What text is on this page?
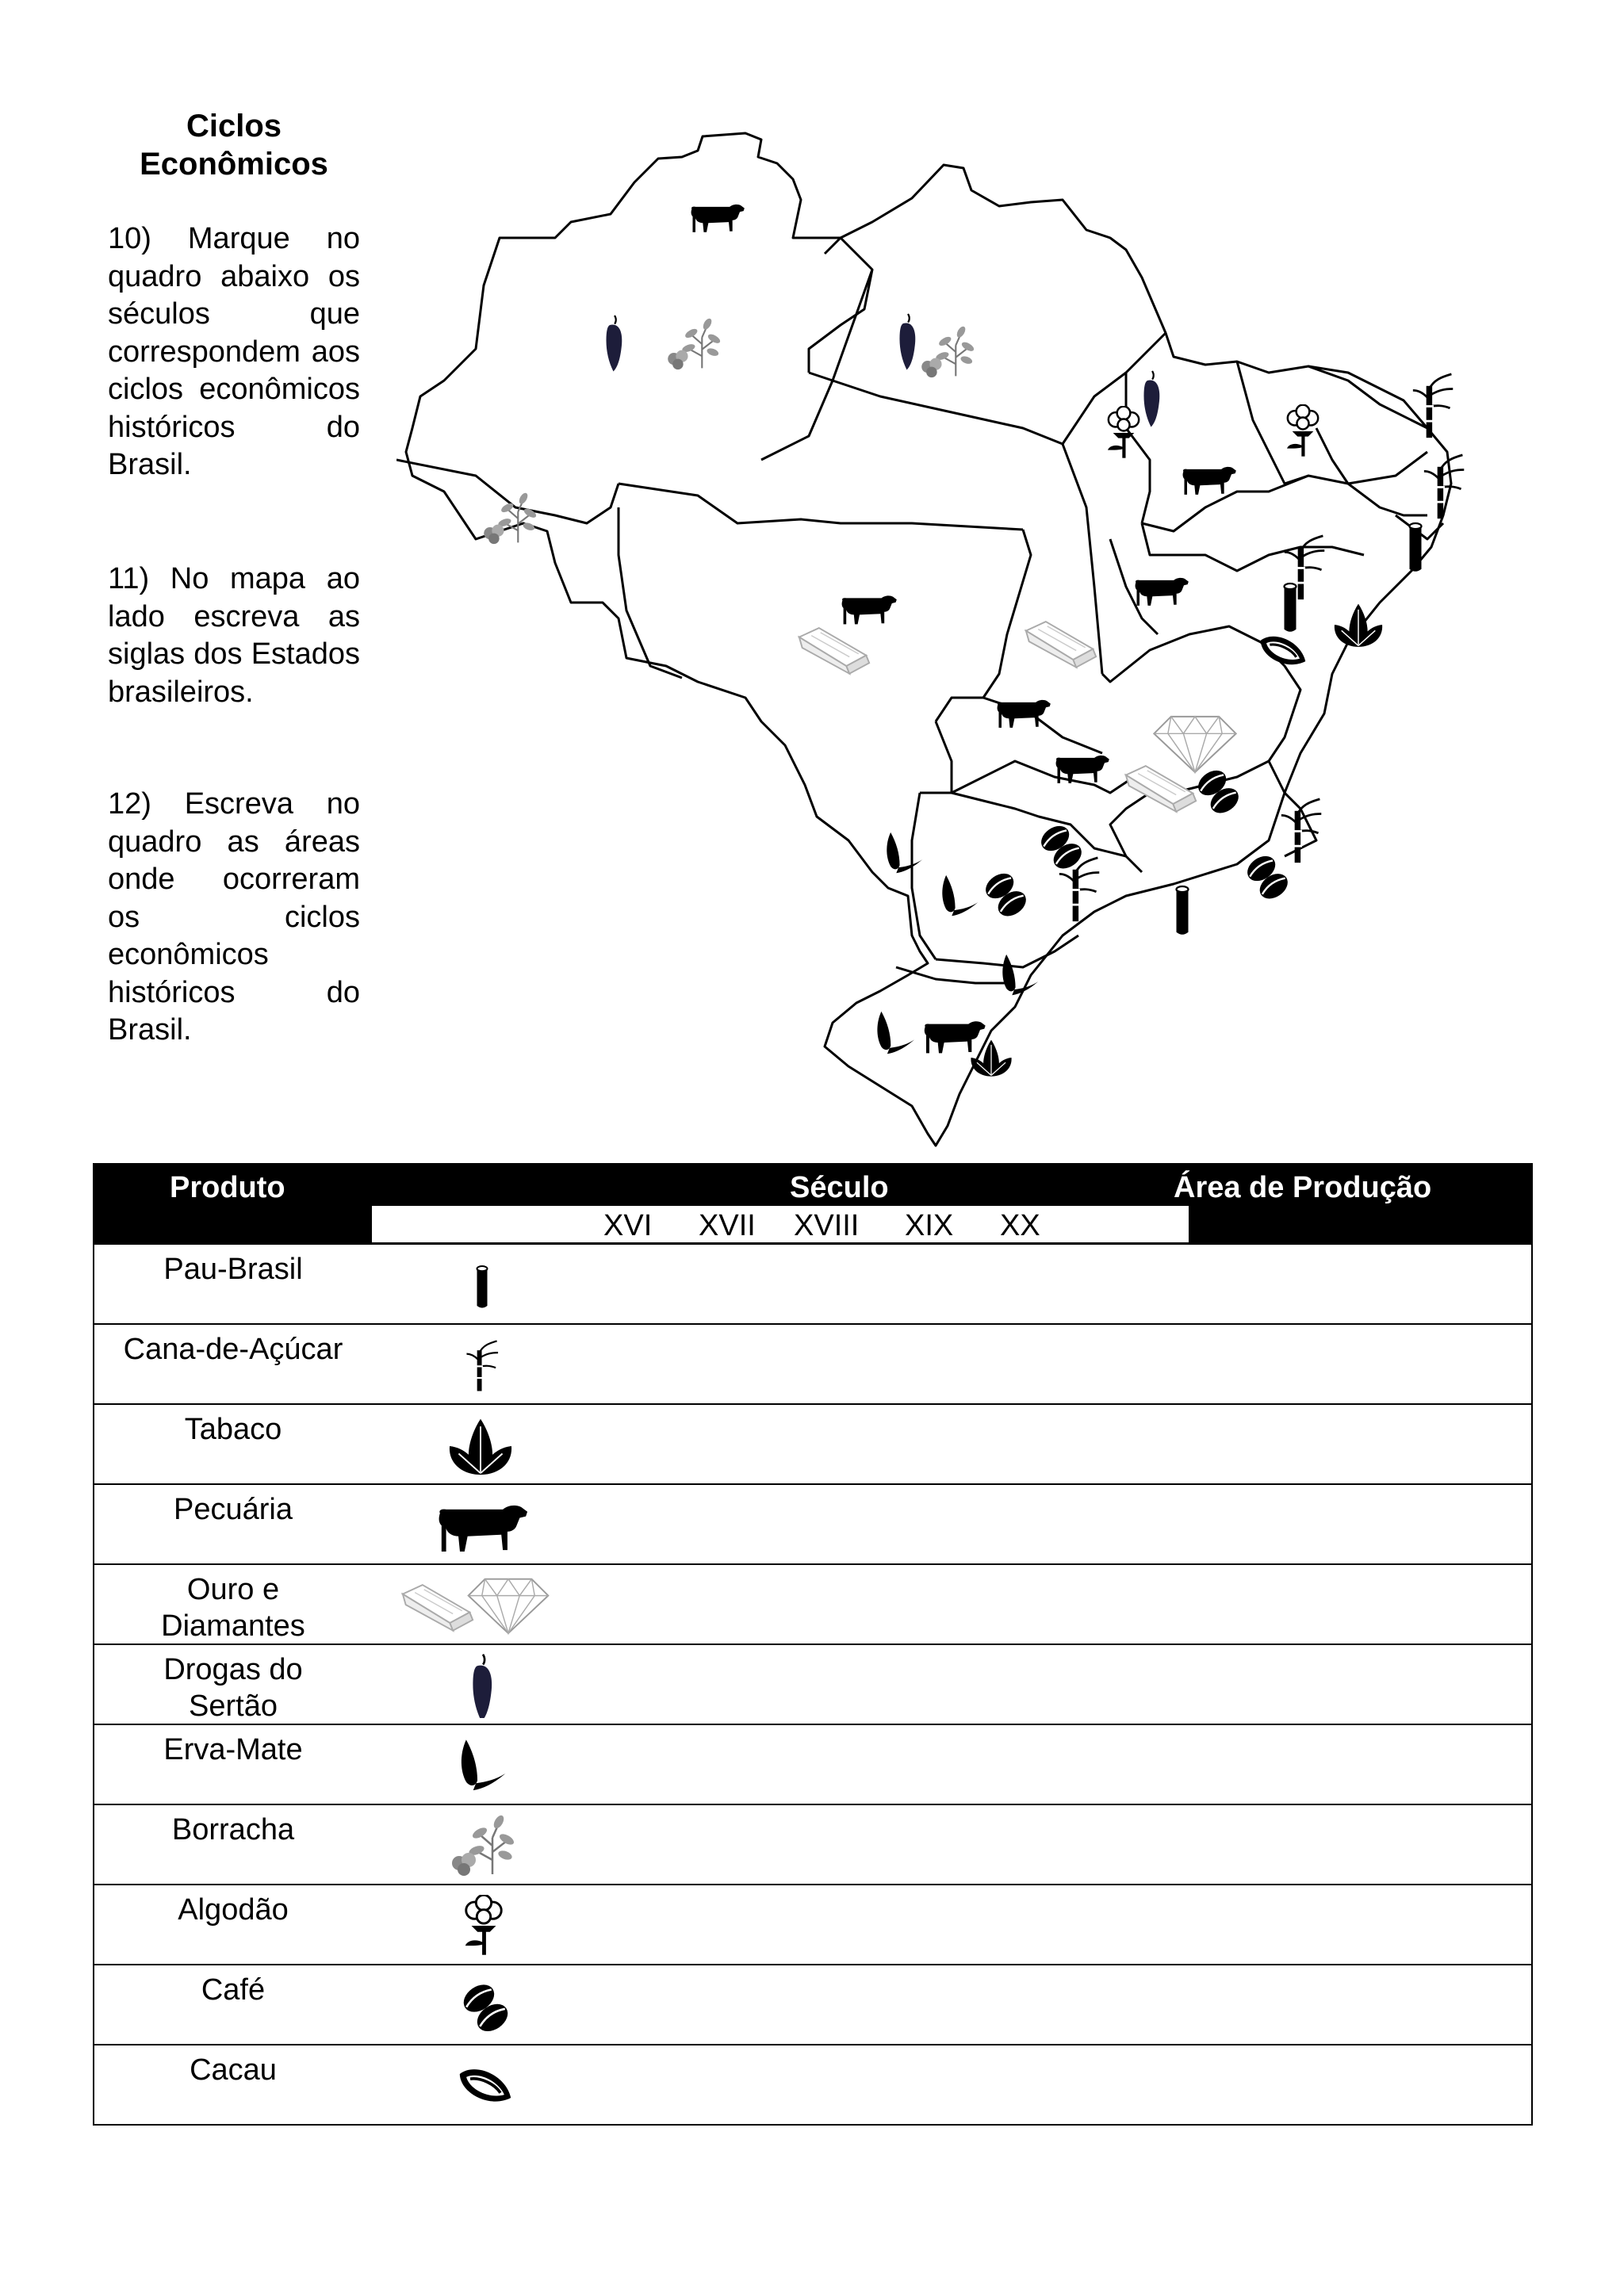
Ciclos
Econômicos
10) Marque no quadro abaixo os séculos que correspondem aos ciclos econômicos históricos do Brasil.
11) No mapa ao lado escreva as siglas dos Estados brasileiros.
12) Escreva no quadro as áreas onde ocorreram os ciclos econômicos históricos do Brasil.
Produto	Século	Área de Produção
XVI XVII XVIII XIX XX
Pau-Brasil
Cana-de-Açúcar
Tabaco
Pecuária
Ouro e
Diamantes
Drogas do
Sertão
Erva-Mate
Borracha
Algodão
Café
Cacau
